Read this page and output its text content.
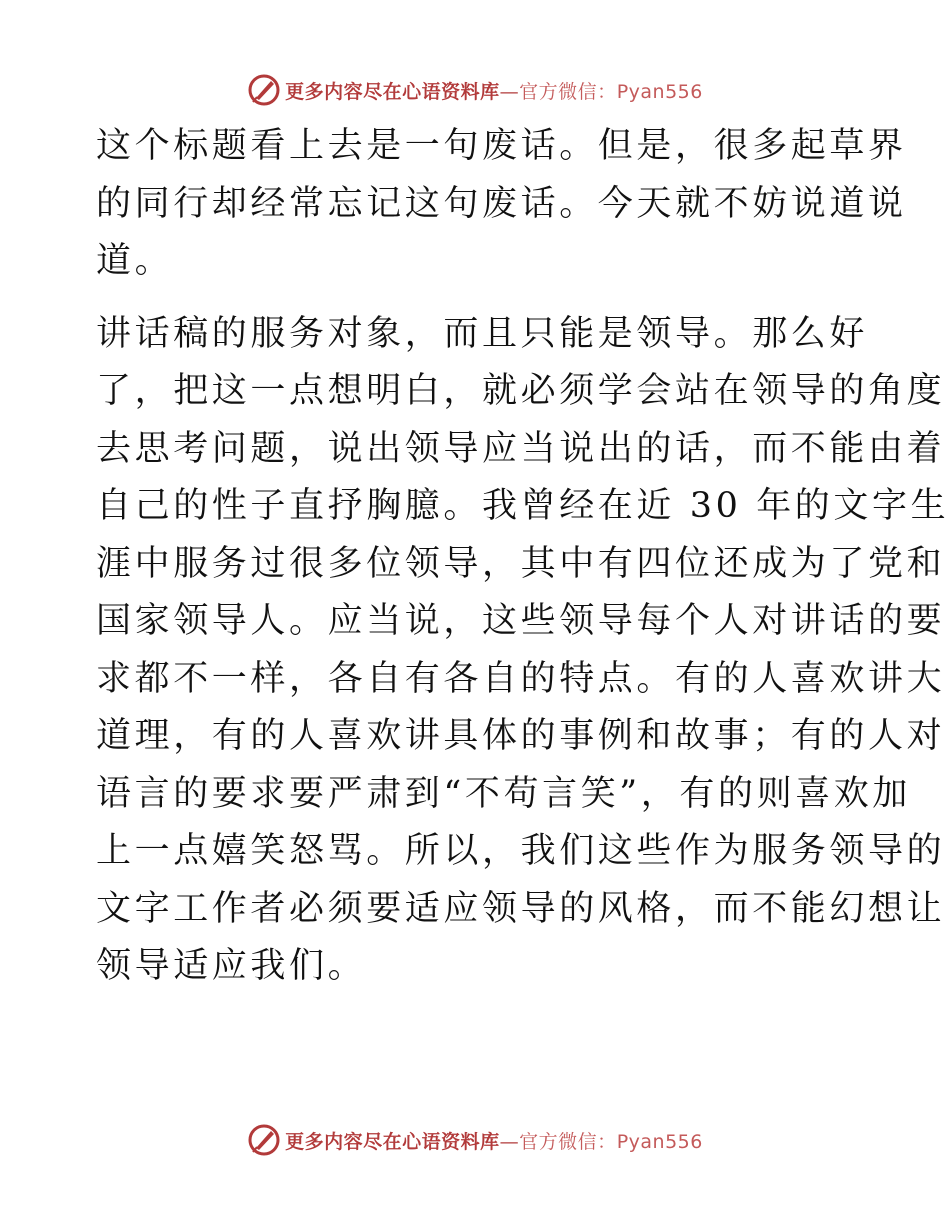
更多内容尽在心语资料库—官方微信：Pyan556

这个标题看上去是一句废话。但是，很多起草界
的同行却经常忘记这句废话。今天就不妨说道说
道。

讲话稿的服务对象，而且只能是领导。那么好
了，把这一点想明白，就必须学会站在领导的角度
去思考问题，说出领导应当说出的话，而不能由着
自己的性子直抒胸臆。我曾经在近 30 年的文字生
涯中服务过很多位领导，其中有四位还成为了党和
国家领导人。应当说，这些领导每个人对讲话的要
求都不一样，各自有各自的特点。有的人喜欢讲大
道理，有的人喜欢讲具体的事例和故事；有的人对
语言的要求要严肃到“不苟言笑”，有的则喜欢加
上一点嬉笑怒骂。所以，我们这些作为服务领导的
文字工作者必须要适应领导的风格，而不能幻想让
领导适应我们。

更多内容尽在心语资料库—官方微信：Pyan556
